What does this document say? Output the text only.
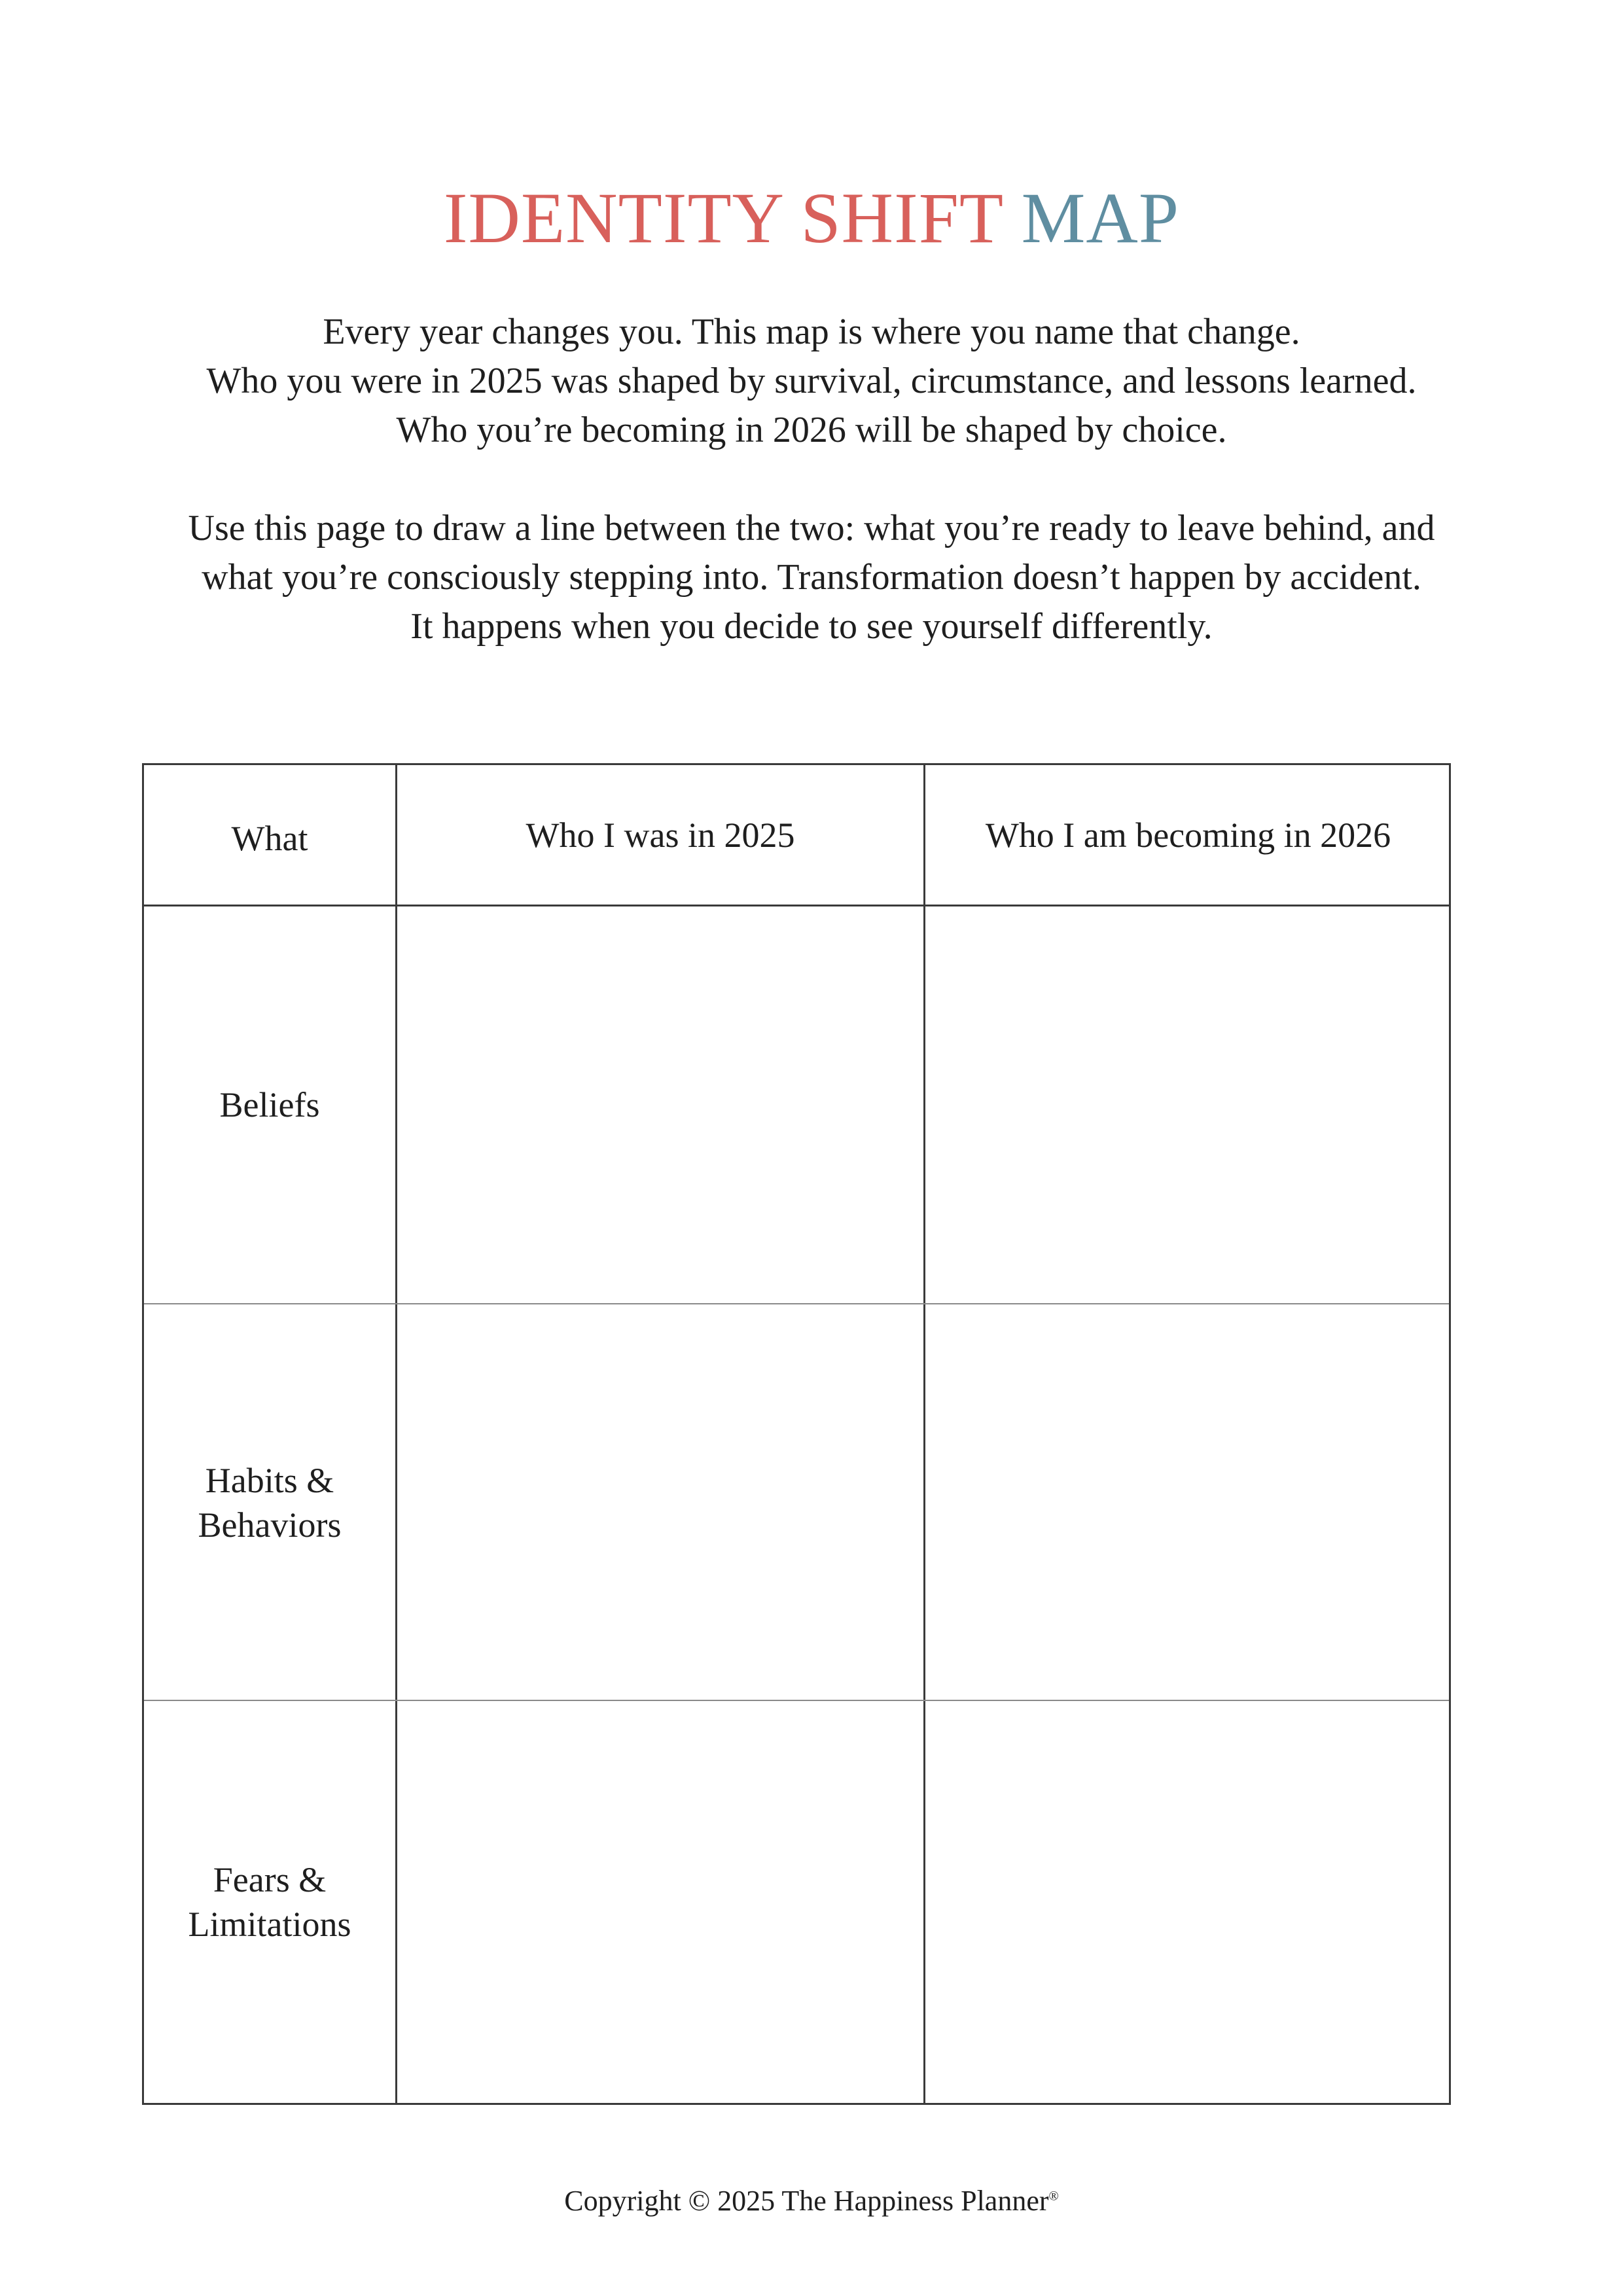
IDENTITY SHIFT MAP
Every year changes you. This map is where you name that change.
Who you were in 2025 was shaped by survival, circumstance, and lessons learned.
Who you’re becoming in 2026 will be shaped by choice.
Use this page to draw a line between the two: what you’re ready to leave behind, and
what you’re consciously stepping into. Transformation doesn’t happen by accident.
It happens when you decide to see yourself differently.
What	Who I was in 2025	Who I am becoming in 2026
Beliefs
Habits &
Behaviors
Fears &
Limitations
Copyright © 2025 The Happiness Planner®
